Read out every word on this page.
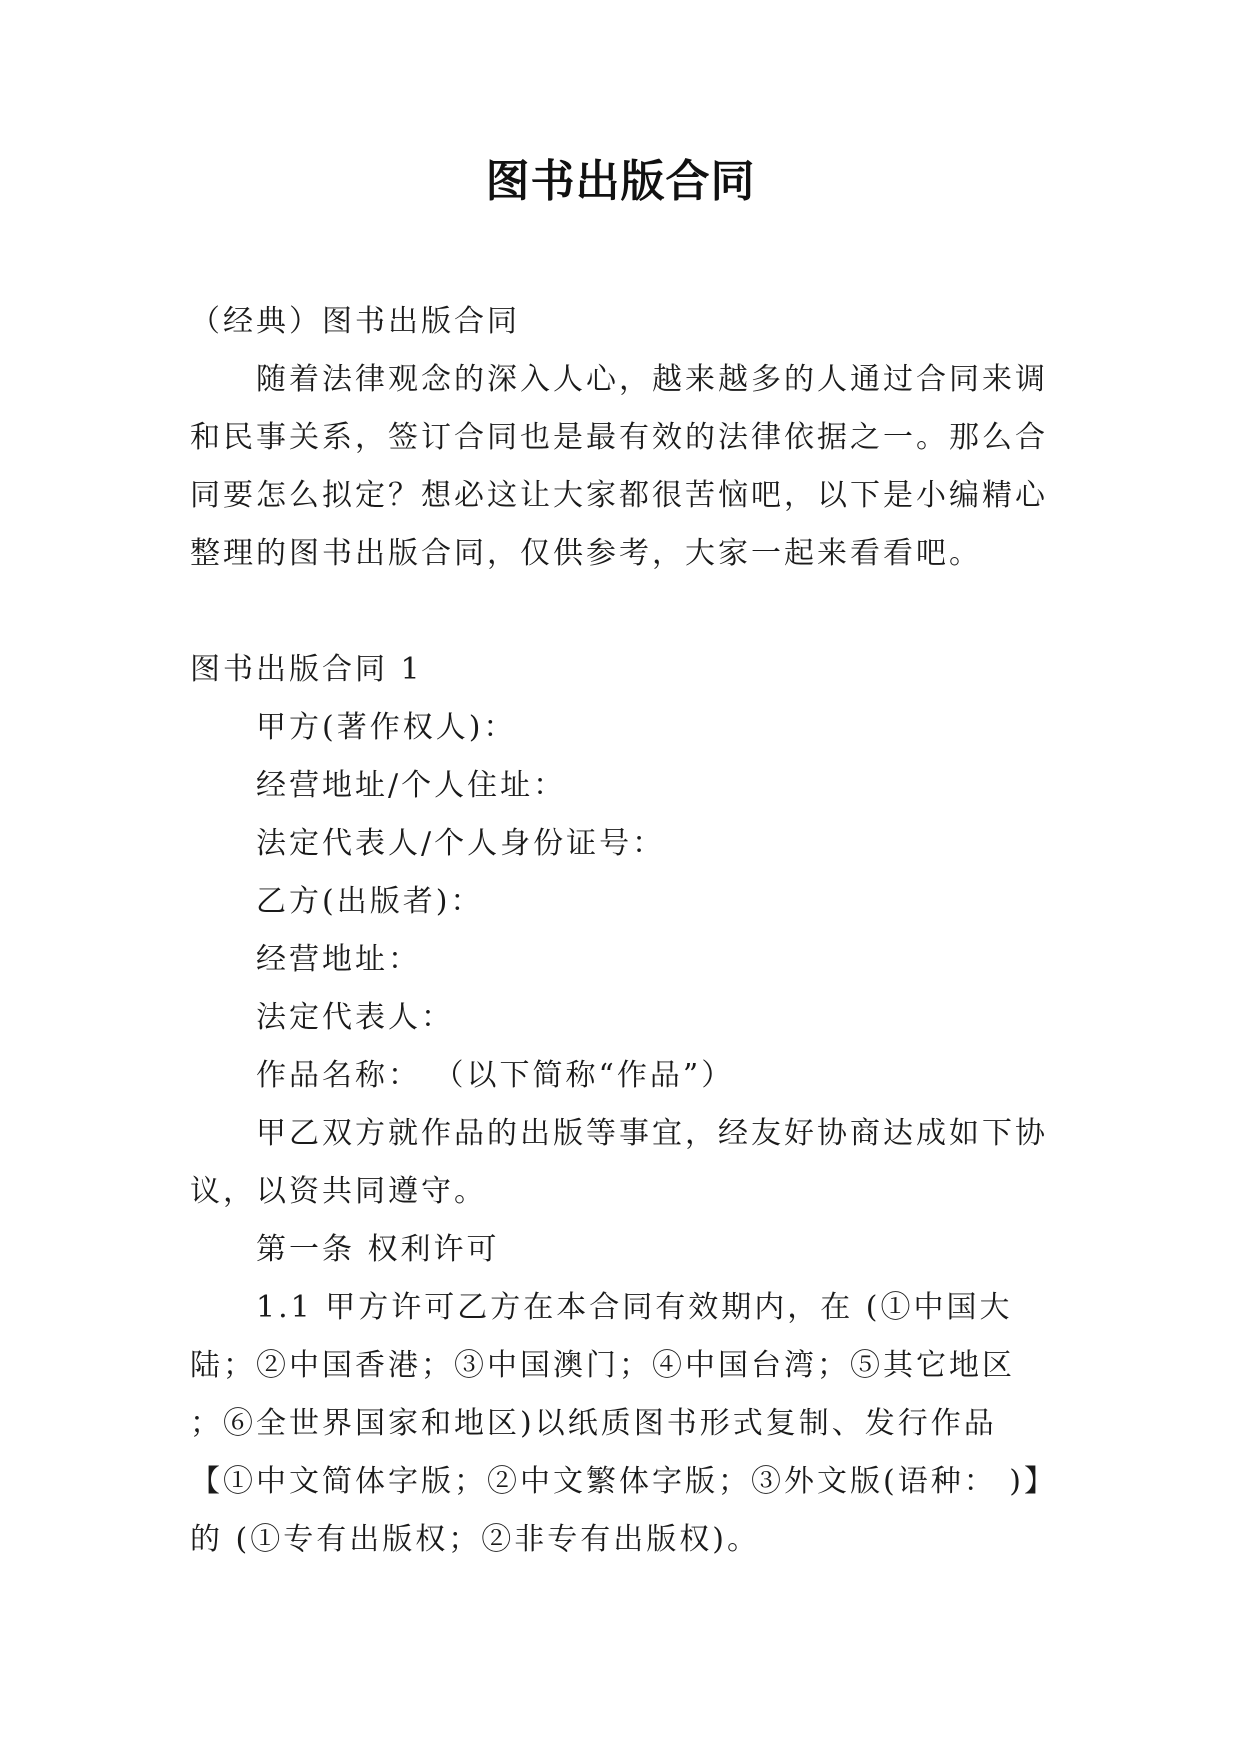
图书出版合同

（经典）图书出版合同

随着法律观念的深入人心，越来越多的人通过合同来调和民事关系，签订合同也是最有效的法律依据之一。那么合同要怎么拟定？想必这让大家都很苦恼吧，以下是小编精心整理的图书出版合同，仅供参考，大家一起来看看吧。

图书出版合同 1

甲方(著作权人)：

经营地址/个人住址：

法定代表人/个人身份证号：

乙方(出版者)：

经营地址：

法定代表人：

作品名称： （以下简称“作品”）

甲乙双方就作品的出版等事宜，经友好协商达成如下协议，以资共同遵守。

第一条 权利许可

1.1 甲方许可乙方在本合同有效期内，在 (①中国大陆；②中国香港；③中国澳门；④中国台湾；⑤其它地区 ；⑥全世界国家和地区)以纸质图书形式复制、发行作品 【①中文简体字版；②中文繁体字版；③外文版(语种： )】的 (①专有出版权；②非专有出版权)。
